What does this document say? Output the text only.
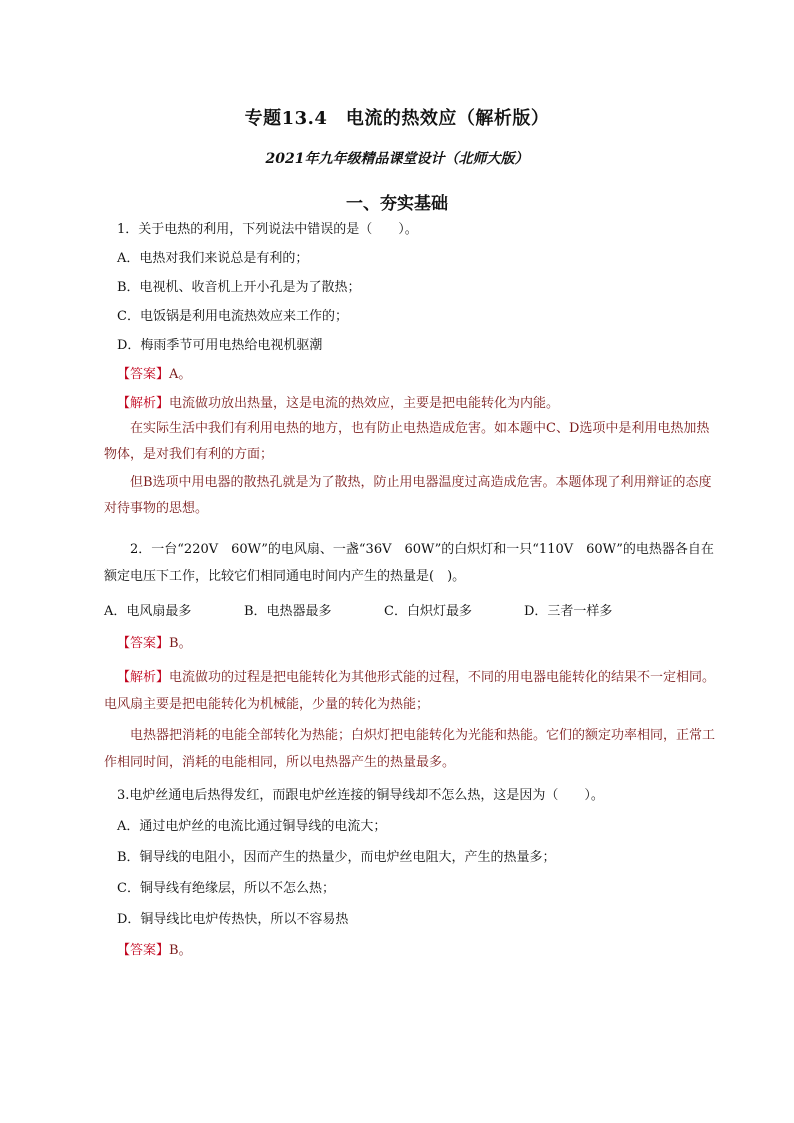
专题13.4　电流的热效应（解析版）
2021年九年级精品课堂设计（北师大版）
一、夯实基础

1．关于电热的利用，下列说法中错误的是（　　）。

A．电热对我们来说总是有利的；

B．电视机、收音机上开小孔是为了散热；

C．电饭锅是利用电流热效应来工作的；

D．梅雨季节可用电热给电视机驱潮

【答案】A。

【解析】电流做功放出热量，这是电流的热效应，主要是把电能转化为内能。

在实际生活中我们有利用电热的地方，也有防止电热造成危害。如本题中C、D选项中是利用电热加热物体，是对我们有利的方面；

但B选项中用电器的散热孔就是为了散热，防止用电器温度过高造成危害。本题体现了利用辩证的态度对待事物的思想。

2．一台“220V　60W”的电风扇、一盏“36V　60W”的白炽灯和一只“110V　60W”的电热器各自在额定电压下工作，比较它们相同通电时间内产生的热量是(　)。

A．电风扇最多	B．电热器最多	C．白炽灯最多	D．三者一样多

【答案】B。

【解析】电流做功的过程是把电能转化为其他形式能的过程，不同的用电器电能转化的结果不一定相同。电风扇主要是把电能转化为机械能，少量的转化为热能；

电热器把消耗的电能全部转化为热能；白炽灯把电能转化为光能和热能。它们的额定功率相同，正常工作相同时间，消耗的电能相同，所以电热器产生的热量最多。

3.电炉丝通电后热得发红，而跟电炉丝连接的铜导线却不怎么热，这是因为（　　）。

A．通过电炉丝的电流比通过铜导线的电流大；

B．铜导线的电阻小，因而产生的热量少，而电炉丝电阻大，产生的热量多；

C．铜导线有绝缘层，所以不怎么热；

D．铜导线比电炉传热快，所以不容易热

【答案】B。
